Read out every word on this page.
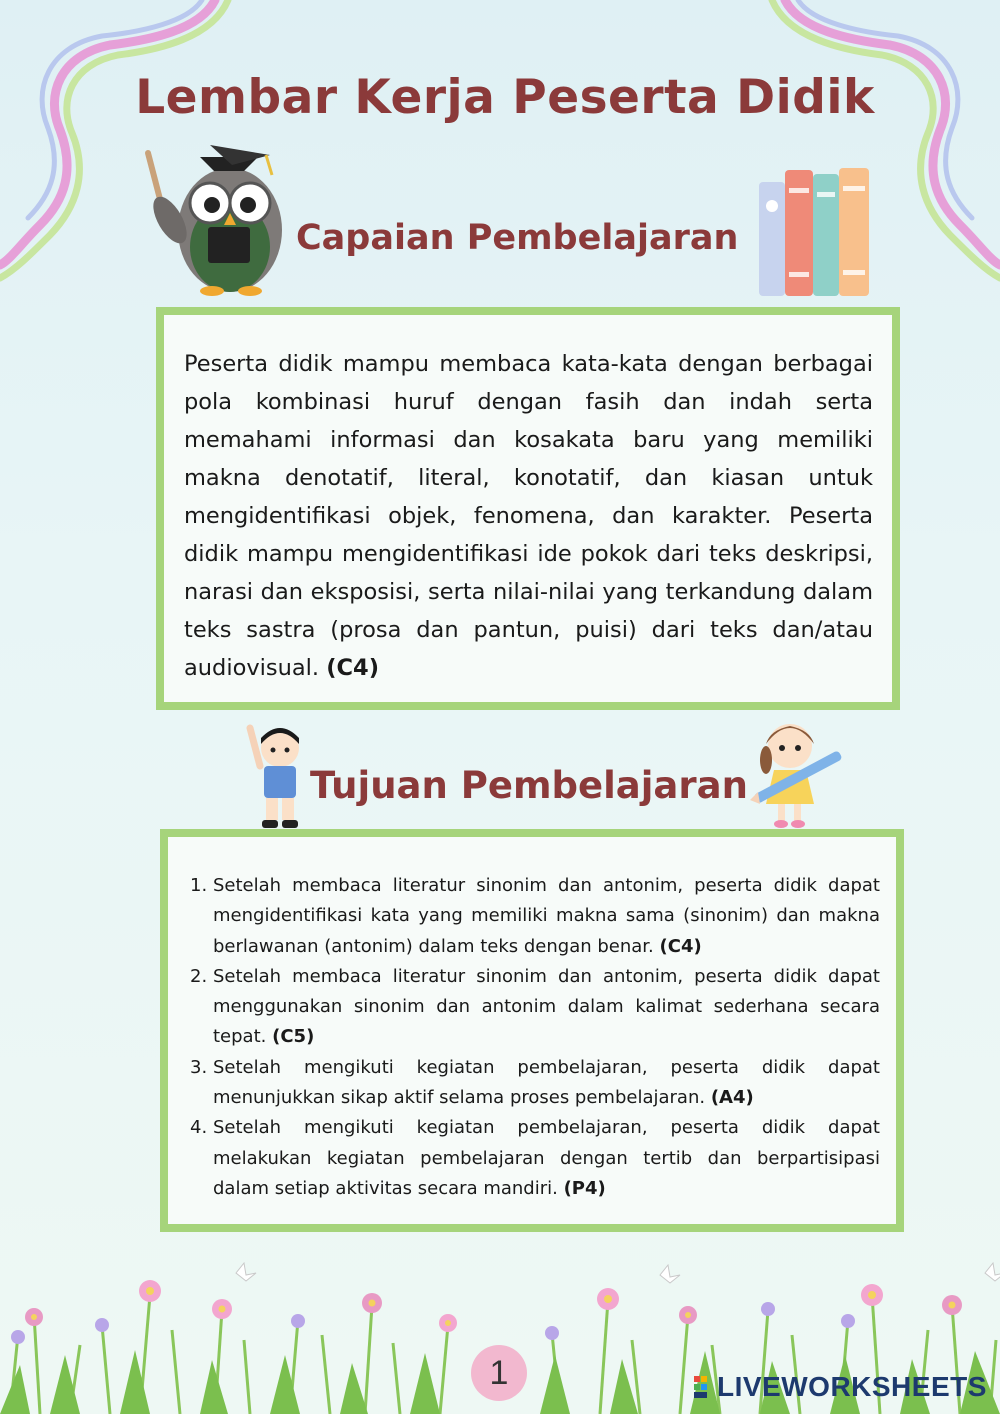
Lembar Kerja Peserta Didik
Capaian Pembelajaran

Peserta didik mampu membaca kata-kata dengan berbagai pola kombinasi huruf dengan fasih dan indah serta memahami informasi dan kosakata baru yang memiliki makna denotatif, literal, konotatif, dan kiasan untuk mengidentifikasi objek, fenomena, dan karakter. Peserta didik mampu mengidentifikasi ide pokok dari teks deskripsi, narasi dan eksposisi, serta nilai-nilai yang terkandung dalam teks sastra (prosa dan pantun, puisi) dari teks dan/atau audiovisual. (C4)

Tujuan Pembelajaran
1. Setelah membaca literatur sinonim dan antonim, peserta didik dapat mengidentifikasi kata yang memiliki makna sama (sinonim) dan makna berlawanan (antonim) dalam teks dengan benar. (C4)
2. Setelah membaca literatur sinonim dan antonim, peserta didik dapat menggunakan sinonim dan antonim dalam kalimat sederhana secara tepat. (C5)
3. Setelah mengikuti kegiatan pembelajaran, peserta didik dapat menunjukkan sikap aktif selama proses pembelajaran. (A4)
4. Setelah mengikuti kegiatan pembelajaran, peserta didik dapat melakukan kegiatan pembelajaran dengan tertib dan berpartisipasi dalam setiap aktivitas secara mandiri. (P4)
1	LIVEWORKSHEETS
